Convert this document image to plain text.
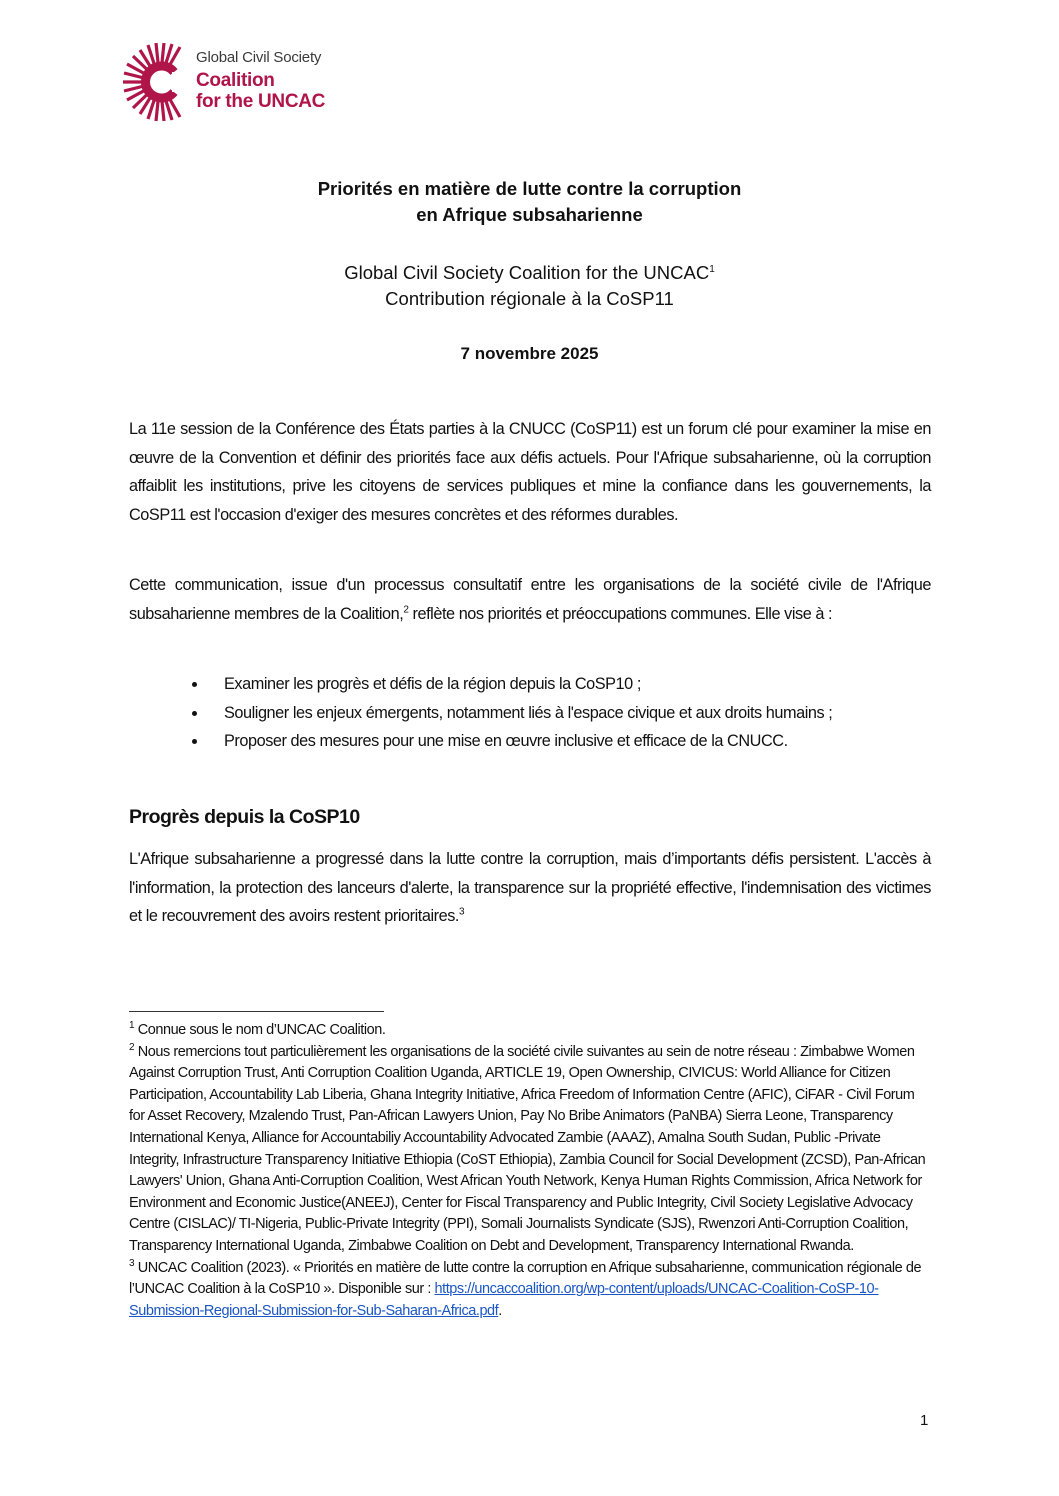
Global Civil Society
Coalition
for the UNCAC
Priorités en matière de lutte contre la corruption
en Afrique subsaharienne
Global Civil Society Coalition for the UNCAC$^1$
Contribution régionale à la CoSP11
7 novembre 2025
La 11e session de la Conférence des États parties à la CNUCC (CoSP11) est un forum clé pour examiner la mise en œuvre de la Convention et définir des priorités face aux défis actuels. Pour l'Afrique subsaharienne, où la corruption affaiblit les institutions, prive les citoyens de services publiques et mine la confiance dans les gouvernements, la CoSP11 est l'occasion d'exiger des mesures concrètes et des réformes durables.
Cette communication, issue d'un processus consultatif entre les organisations de la société civile de l'Afrique subsaharienne membres de la Coalition,$^2$ reflète nos priorités et préoccupations communes. Elle vise à :
Examiner les progrès et défis de la région depuis la CoSP10 ;
Souligner les enjeux émergents, notamment liés à l'espace civique et aux droits humains ;
Proposer des mesures pour une mise en œuvre inclusive et efficace de la CNUCC.
Progrès depuis la CoSP10
L'Afrique subsaharienne a progressé dans la lutte contre la corruption, mais d’importants défis persistent. L'accès à l'information, la protection des lanceurs d'alerte, la transparence sur la propriété effective, l'indemnisation des victimes et le recouvrement des avoirs restent prioritaires.$^3$

$^1$ Connue sous le nom d’UNCAC Coalition.

$^2$ Nous remercions tout particulièrement les organisations de la société civile suivantes au sein de notre réseau : Zimbabwe Women Against Corruption Trust, Anti Corruption Coalition Uganda, ARTICLE 19, Open Ownership, CIVICUS: World Alliance for Citizen Participation, Accountability Lab Liberia, Ghana Integrity Initiative, Africa Freedom of Information Centre (AFIC), CiFAR - Civil Forum for Asset Recovery, Mzalendo Trust, Pan-African Lawyers Union, Pay No Bribe Animators (PaNBA) Sierra Leone, Transparency International Kenya, Alliance for Accountabiliy Accountability Advocated Zambie (AAAZ), Amalna South Sudan, Public -Private Integrity, Infrastructure Transparency Initiative Ethiopia (CoST Ethiopia), Zambia Council for Social Development (ZCSD), Pan-African Lawyers' Union, Ghana Anti-Corruption Coalition, West African Youth Network, Kenya Human Rights Commission, Africa Network for Environment and Economic Justice(ANEEJ), Center for Fiscal Transparency and Public Integrity, Civil Society Legislative Advocacy Centre (CISLAC)/ TI-Nigeria, Public-Private Integrity (PPI), Somali Journalists Syndicate (SJS), Rwenzori Anti-Corruption Coalition, Transparency International Uganda, Zimbabwe Coalition on Debt and Development, Transparency International Rwanda.

$^3$ UNCAC Coalition (2023). « Priorités en matière de lutte contre la corruption en Afrique subsaharienne, communication régionale de l’UNCAC Coalition à la CoSP10 ». Disponible sur : https://uncaccoalition.org/wp-content/uploads/UNCAC-Coalition-CoSP-10-Submission-Regional-Submission-for-Sub-Saharan-Africa.pdf.

1
